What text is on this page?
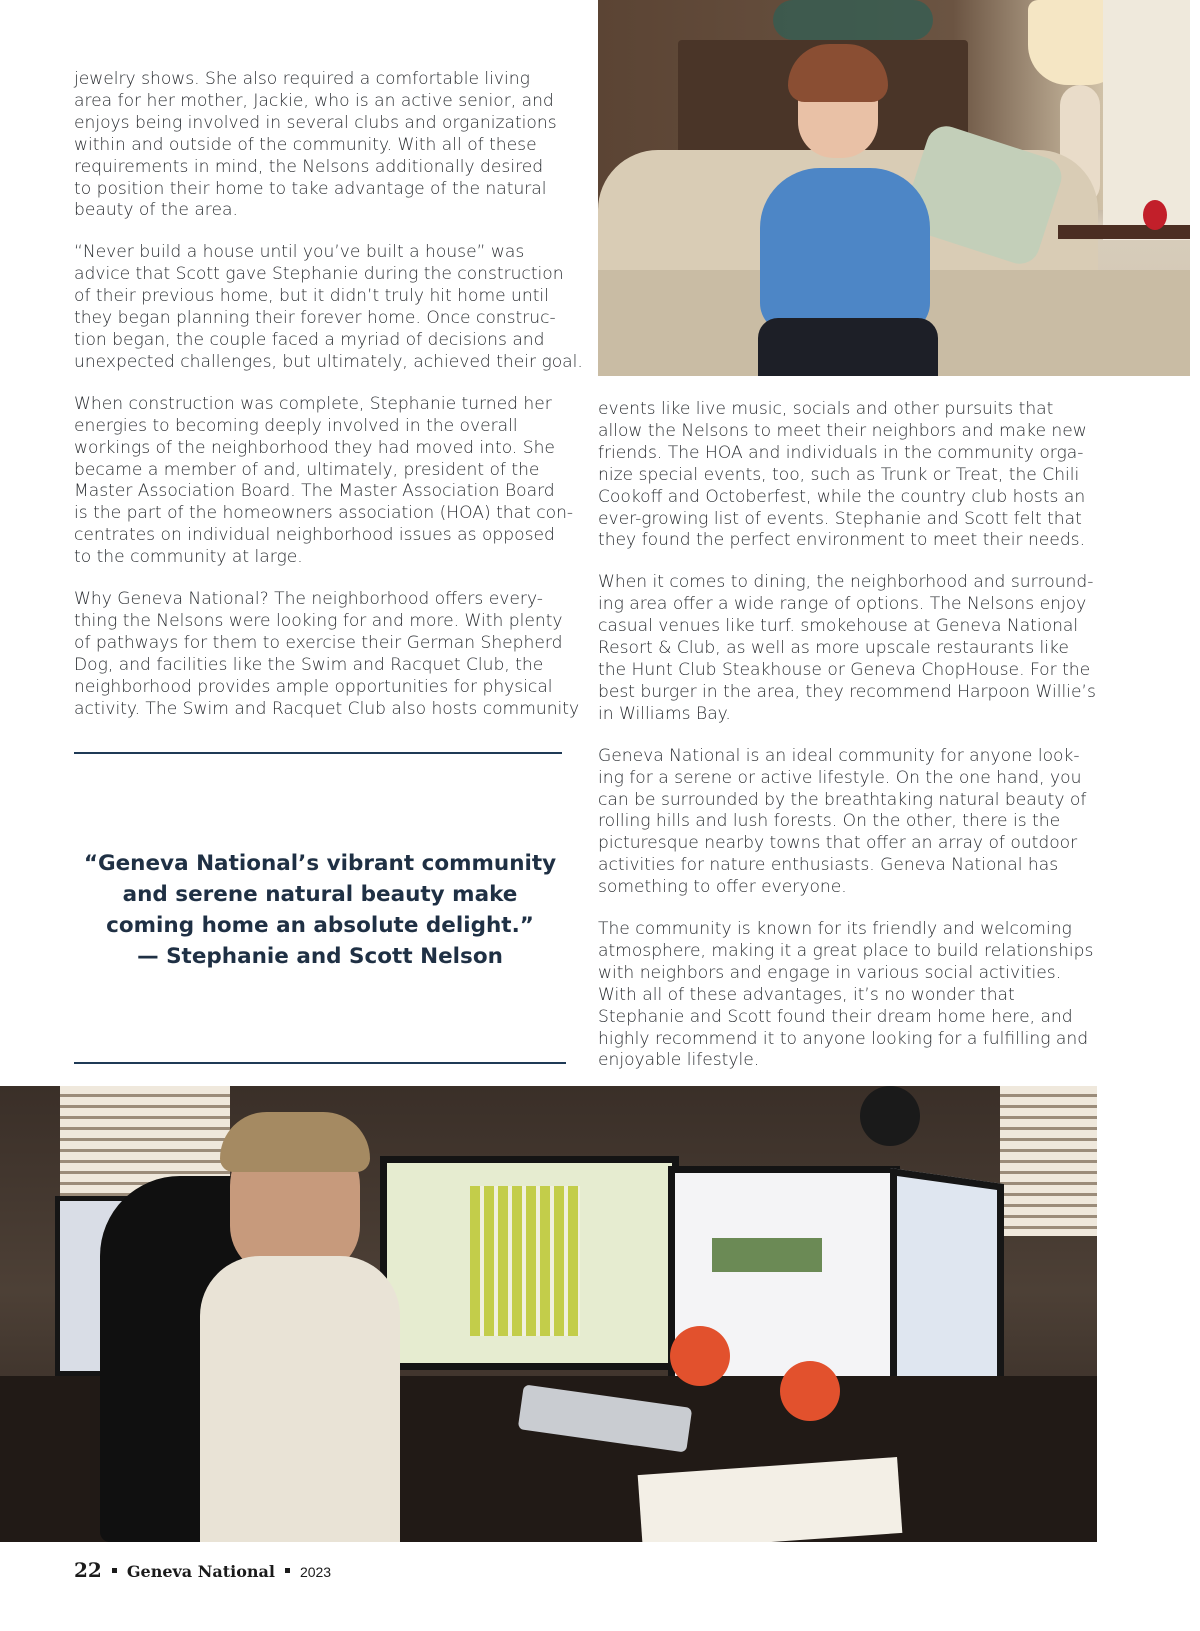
jewelry shows. She also required a comfortable living
area for her mother, Jackie, who is an active senior, and
enjoys being involved in several clubs and organizations
within and outside of the community. With all of these
requirements in mind, the Nelsons additionally desired
to position their home to take advantage of the natural
beauty of the area.

“Never build a house until you’ve built a house” was
advice that Scott gave Stephanie during the construction
of their previous home, but it didn’t truly hit home until
they began planning their forever home. Once construc-
tion began, the couple faced a myriad of decisions and
unexpected challenges, but ultimately, achieved their goal.

When construction was complete, Stephanie turned her
energies to becoming deeply involved in the overall
workings of the neighborhood they had moved into. She
became a member of and, ultimately, president of the
Master Association Board. The Master Association Board
is the part of the homeowners association (HOA) that con-
centrates on individual neighborhood issues as opposed
to the community at large.

Why Geneva National? The neighborhood offers every-
thing the Nelsons were looking for and more. With plenty
of pathways for them to exercise their German Shepherd
Dog, and facilities like the Swim and Racquet Club, the
neighborhood provides ample opportunities for physical
activity. The Swim and Racquet Club also hosts community

events like live music, socials and other pursuits that
allow the Nelsons to meet their neighbors and make new
friends. The HOA and individuals in the community orga-
nize special events, too, such as Trunk or Treat, the Chili
Cookoff and Octoberfest, while the country club hosts an
ever-growing list of events. Stephanie and Scott felt that
they found the perfect environment to meet their needs.

When it comes to dining, the neighborhood and surround-
ing area offer a wide range of options. The Nelsons enjoy
casual venues like turf. smokehouse at Geneva National
Resort & Club, as well as more upscale restaurants like
the Hunt Club Steakhouse or Geneva ChopHouse. For the
best burger in the area, they recommend Harpoon Willie’s
in Williams Bay.

Geneva National is an ideal community for anyone look-
ing for a serene or active lifestyle. On the one hand, you
can be surrounded by the breathtaking natural beauty of
rolling hills and lush forests. On the other, there is the
picturesque nearby towns that offer an array of outdoor
activities for nature enthusiasts. Geneva National has
something to offer everyone.

The community is known for its friendly and welcoming
atmosphere, making it a great place to build relationships
with neighbors and engage in various social activities.
With all of these advantages, it’s no wonder that
Stephanie and Scott found their dream home here, and
highly recommend it to anyone looking for a fulfilling and
enjoyable lifestyle.

“Geneva National’s vibrant community
and serene natural beauty make
coming home an absolute delight.”
— Stephanie and Scott Nelson
22 Geneva National 2023
